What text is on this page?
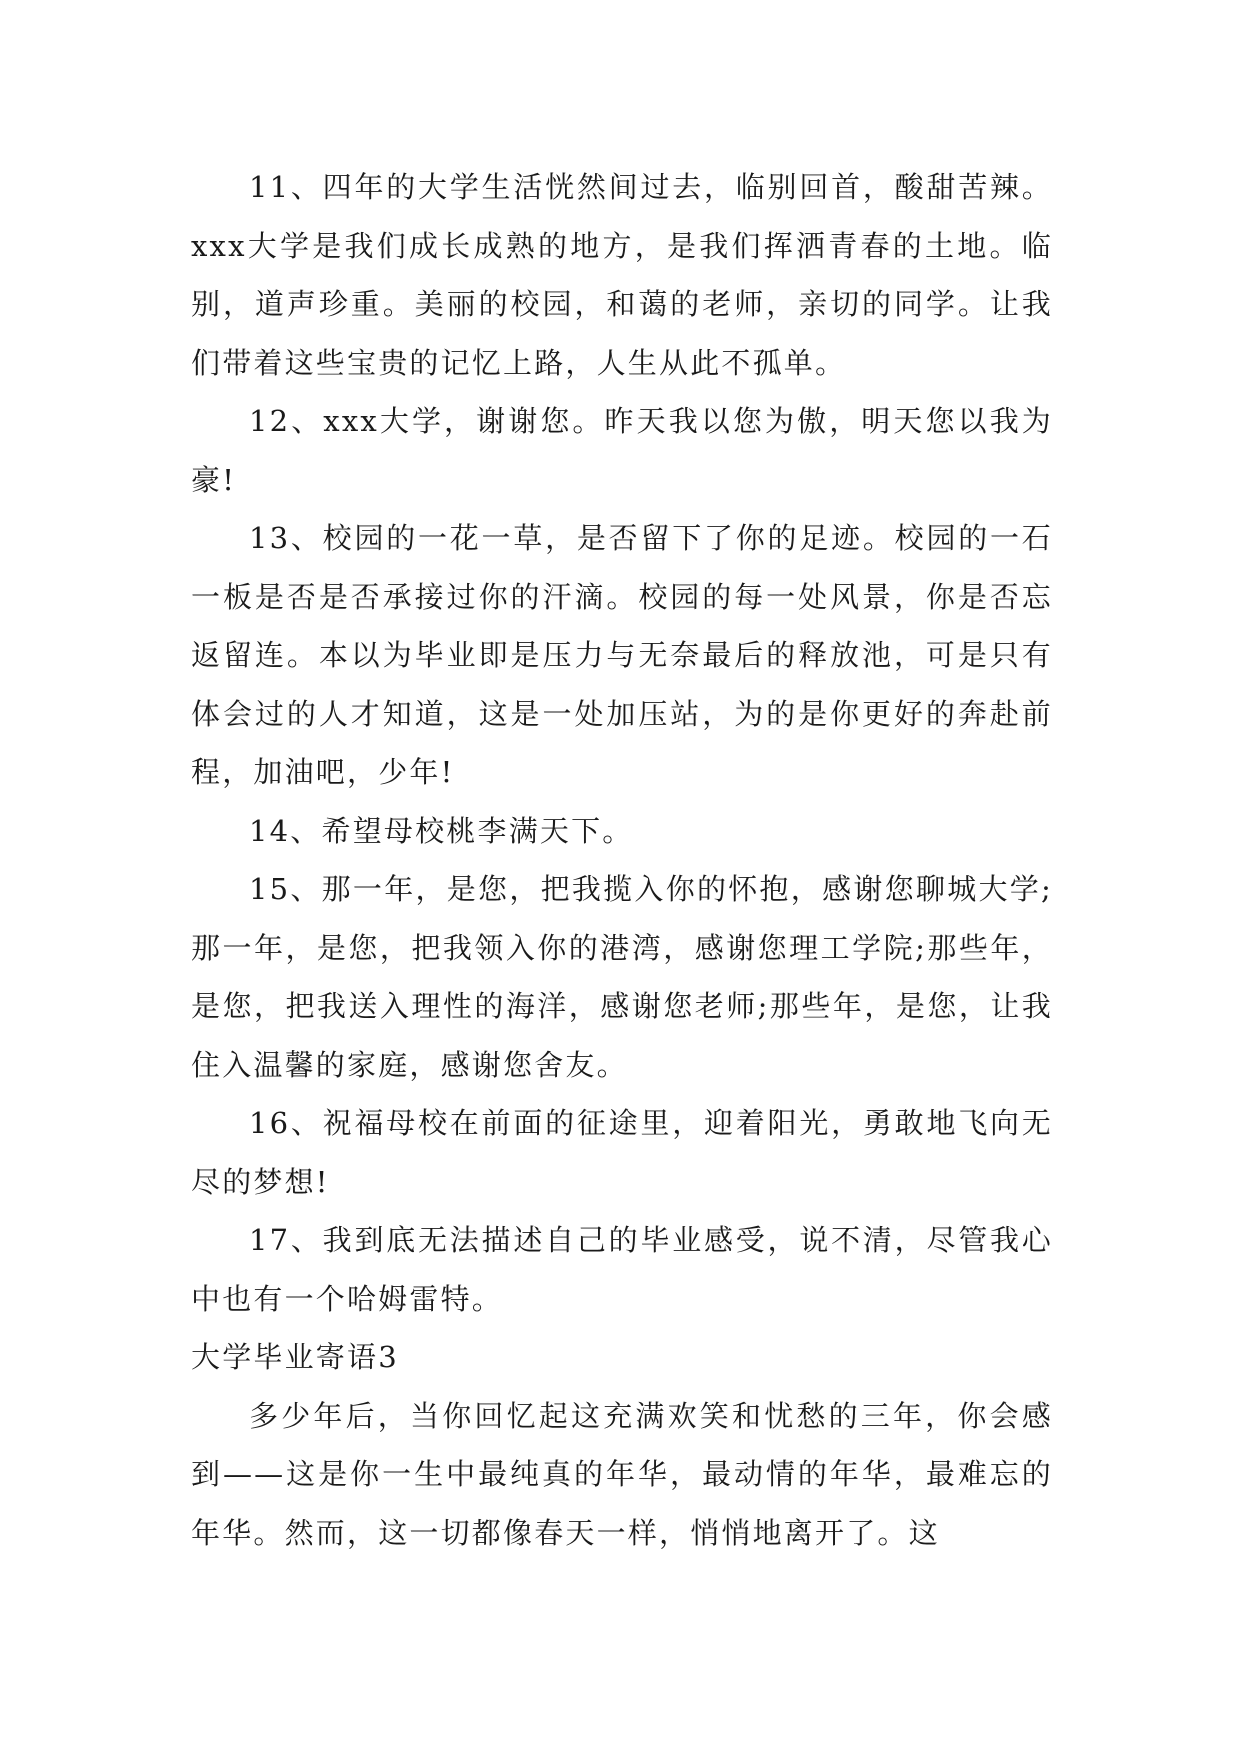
11、四年的大学生活恍然间过去，临别回首，酸甜苦辣。xxx大学是我们成长成熟的地方，是我们挥洒青春的土地。临别，道声珍重。美丽的校园，和蔼的老师，亲切的同学。让我们带着这些宝贵的记忆上路，人生从此不孤单。

12、xxx大学，谢谢您。昨天我以您为傲，明天您以我为豪!

13、校园的一花一草，是否留下了你的足迹。校园的一石一板是否是否承接过你的汗滴。校园的每一处风景，你是否忘返留连。本以为毕业即是压力与无奈最后的释放池，可是只有体会过的人才知道，这是一处加压站，为的是你更好的奔赴前程，加油吧，少年!

14、希望母校桃李满天下。

15、那一年，是您，把我揽入你的怀抱，感谢您聊城大学;那一年，是您，把我领入你的港湾，感谢您理工学院;那些年，是您，把我送入理性的海洋，感谢您老师;那些年，是您，让我住入温馨的家庭，感谢您舍友。

16、祝福母校在前面的征途里，迎着阳光，勇敢地飞向无尽的梦想!

17、我到底无法描述自己的毕业感受，说不清，尽管我心中也有一个哈姆雷特。

大学毕业寄语3

多少年后，当你回忆起这充满欢笑和忧愁的三年，你会感到——这是你一生中最纯真的年华，最动情的年华，最难忘的年华。然而，这一切都像春天一样，悄悄地离开了。这
